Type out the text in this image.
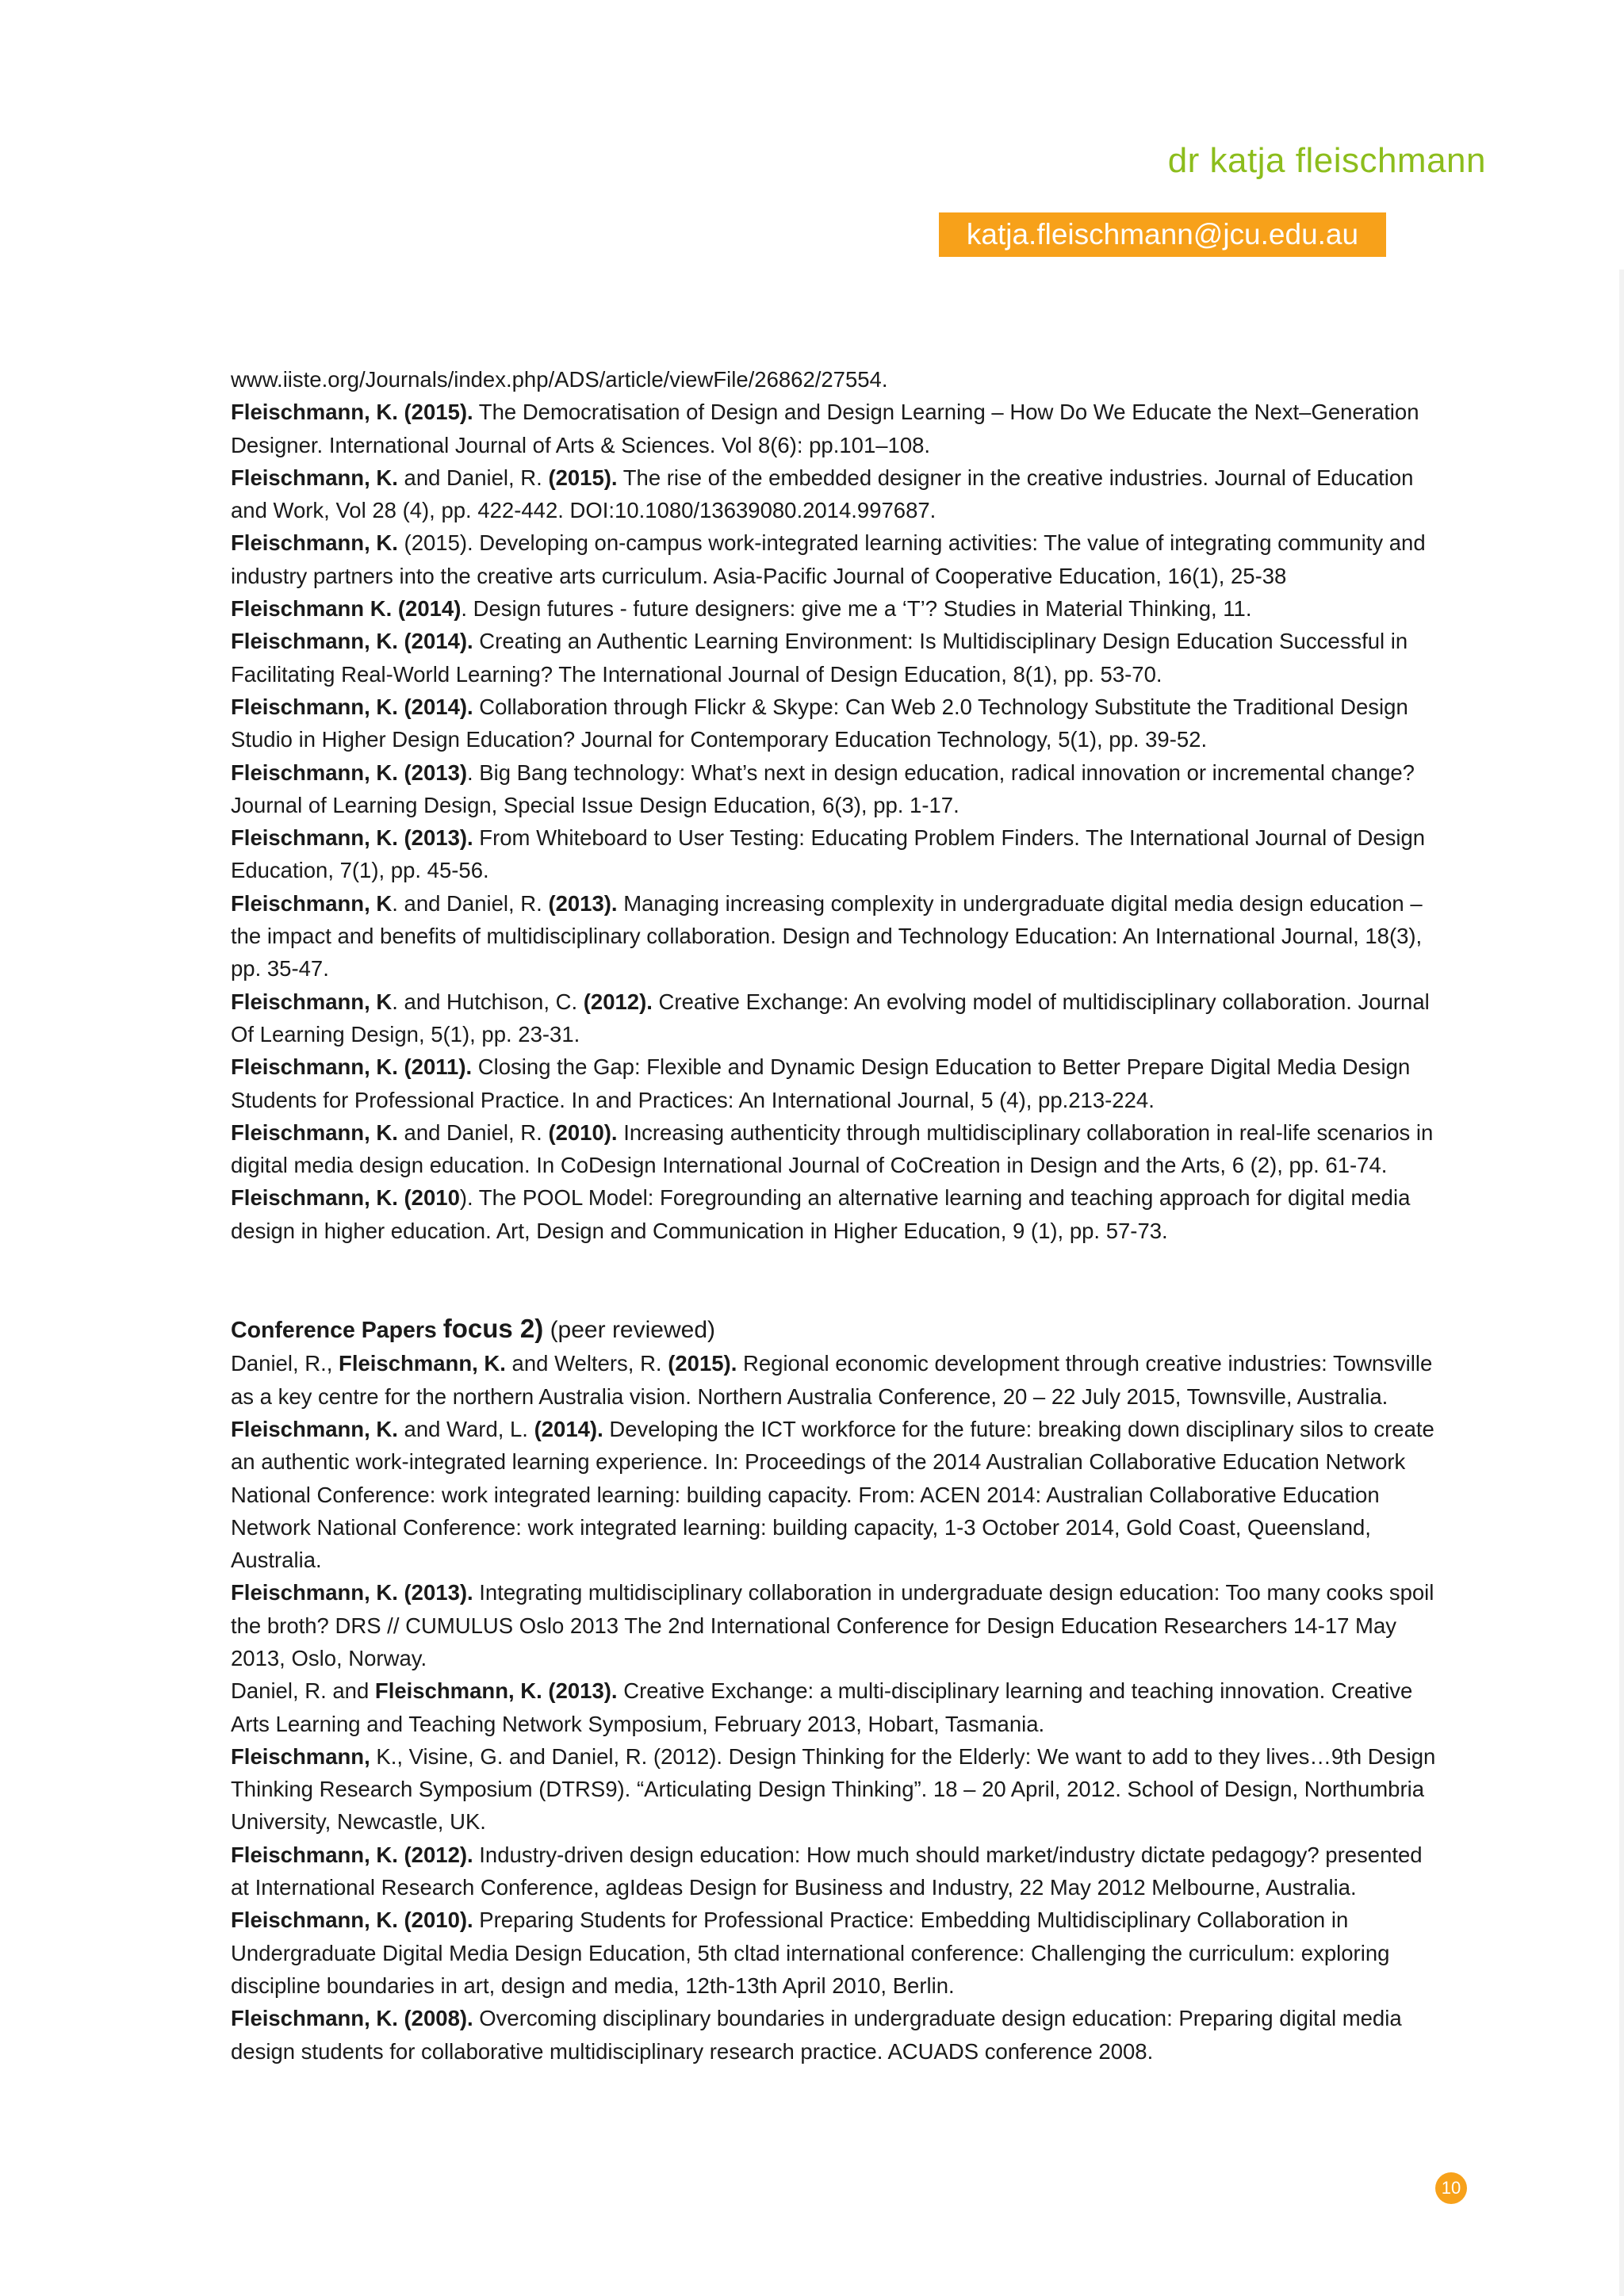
dr katja fleischmann
katja.fleischmann@jcu.edu.au

www.iiste.org/Journals/index.php/ADS/article/viewFile/26862/27554.

Fleischmann, K. (2015). The Democratisation of Design and Design Learning – How Do We Educate the Next–Generation Designer. International Journal of Arts & Sciences. Vol 8(6): pp.101–108.

Fleischmann, K. and Daniel, R. (2015). The rise of the embedded designer in the creative industries. Journal of Education and Work, Vol 28 (4), pp. 422-442. DOI:10.1080/13639080.2014.997687.

Fleischmann, K. (2015). Developing on-campus work-integrated learning activities: The value of integrating community and industry partners into the creative arts curriculum. Asia-Pacific Journal of Cooperative Education, 16(1), 25-38

Fleischmann K. (2014). Design futures - future designers: give me a ‘T’? Studies in Material Thinking, 11.

Fleischmann, K. (2014). Creating an Authentic Learning Environment: Is Multidisciplinary Design Education Successful in Facilitating Real-World Learning? The International Journal of Design Education, 8(1), pp. 53-70.

Fleischmann, K. (2014). Collaboration through Flickr & Skype: Can Web 2.0 Technology Substitute the Traditional Design Studio in Higher Design Education? Journal for Contemporary Education Technology, 5(1), pp. 39-52.

Fleischmann, K. (2013). Big Bang technology: What’s next in design education, radical innovation or incremental change? Journal of Learning Design, Special Issue Design Education, 6(3), pp. 1-17.

Fleischmann, K. (2013). From Whiteboard to User Testing: Educating Problem Finders. The International Journal of Design Education, 7(1), pp. 45-56.

Fleischmann, K. and Daniel, R. (2013). Managing increasing complexity in undergraduate digital media design education – the impact and benefits of multidisciplinary collaboration. Design and Technology Education: An International Journal, 18(3), pp. 35-47.

Fleischmann, K. and Hutchison, C. (2012). Creative Exchange: An evolving model of multidisciplinary collaboration. Journal Of Learning Design, 5(1), pp. 23-31.

Fleischmann, K. (2011). Closing the Gap: Flexible and Dynamic Design Education to Better Prepare Digital Media Design Students for Professional Practice. In and Practices: An International Journal, 5 (4), pp.213-224.

Fleischmann, K. and Daniel, R. (2010). Increasing authenticity through multidisciplinary collaboration in real-life scenarios in digital media design education. In CoDesign International Journal of CoCreation in Design and the Arts, 6 (2), pp. 61-74.

Fleischmann, K. (2010). The POOL Model: Foregrounding an alternative learning and teaching approach for digital media design in higher education. Art, Design and Communication in Higher Education, 9 (1), pp. 57-73.

Conference Papers focus 2) (peer reviewed)

Daniel, R., Fleischmann, K. and Welters, R. (2015). Regional economic development through creative industries: Townsville as a key centre for the northern Australia vision. Northern Australia Conference, 20 – 22 July 2015, Townsville, Australia.

Fleischmann, K. and Ward, L. (2014). Developing the ICT workforce for the future: breaking down disciplinary silos to create an authentic work-integrated learning experience. In: Proceedings of the 2014 Australian Collaborative Education Network National Conference: work integrated learning: building capacity. From: ACEN 2014: Australian Collaborative Education Network National Conference: work integrated learning: building capacity, 1-3 October 2014, Gold Coast, Queensland, Australia.

Fleischmann, K. (2013). Integrating multidisciplinary collaboration in undergraduate design education: Too many cooks spoil the broth? DRS // CUMULUS Oslo 2013 The 2nd International Conference for Design Education Researchers 14-17 May 2013, Oslo, Norway.

Daniel, R. and Fleischmann, K. (2013). Creative Exchange: a multi-disciplinary learning and teaching innovation. Creative Arts Learning and Teaching Network Symposium, February 2013, Hobart, Tasmania.

Fleischmann, K., Visine, G. and Daniel, R. (2012). Design Thinking for the Elderly: We want to add to they lives…9th Design Thinking Research Symposium (DTRS9). “Articulating Design Thinking”. 18 – 20 April, 2012. School of Design, Northumbria University, Newcastle, UK.

Fleischmann, K. (2012). Industry-driven design education: How much should market/industry dictate pedagogy? presented at International Research Conference, agIdeas Design for Business and Industry, 22 May 2012 Melbourne, Australia.

Fleischmann, K. (2010). Preparing Students for Professional Practice: Embedding Multidisciplinary Collaboration in Undergraduate Digital Media Design Education, 5th cltad international conference: Challenging the curriculum: exploring discipline boundaries in art, design and media, 12th-13th April 2010, Berlin.

Fleischmann, K. (2008). Overcoming disciplinary boundaries in undergraduate design education: Preparing digital media design students for collaborative multidisciplinary research practice. ACUADS conference 2008.

10
